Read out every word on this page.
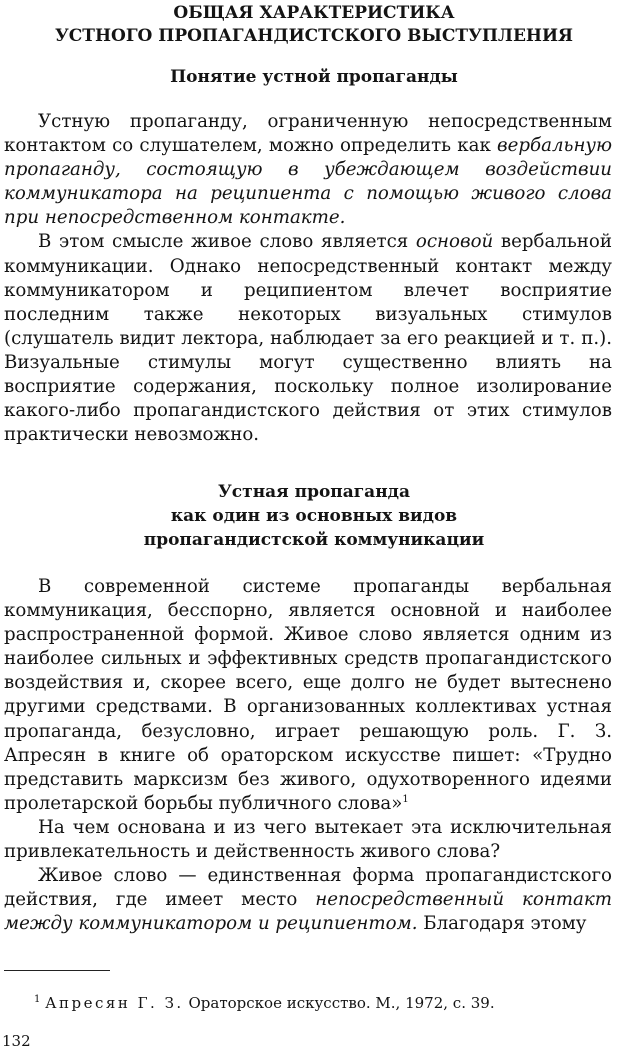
ОБЩАЯ ХАРАКТЕРИСТИКА
УСТНОГО ПРОПАГАНДИСТСКОГО ВЫСТУПЛЕНИЯ
Понятие устной пропаганды

Устную пропаганду, ограниченную непосредственным контактом со слушателем, можно определить как вербальную пропаганду, состоящую в убеждающем воздействии коммуникатора на реципиента с помощью живого слова при непосредственном контакте.

В этом смысле живое слово является основой вербальной коммуникации. Однако непосредственный контакт между коммуникатором и реципиентом влечет восприятие последним также некоторых визуальных стимулов (слушатель видит лектора, наблюдает за его реакцией и т. п.). Визуальные стимулы могут существенно влиять на восприятие содержания, поскольку полное изолирование какого-либо пропагандистского действия от этих стимулов практически невозможно.

Устная пропаганда
как один из основных видов
пропагандистской коммуникации

В современной системе пропаганды вербальная коммуникация, бесспорно, является основной и наиболее распространенной формой. Живое слово является одним из наиболее сильных и эффективных средств пропагандистского воздействия и, скорее всего, еще долго не будет вытеснено другими средствами. В организованных коллективах устная пропаганда, безусловно, играет решающую роль. Г. З. Апресян в книге об ораторском искусстве пишет: «Трудно представить марксизм без живого, одухотворенного идеями пролетарской борьбы публичного слова»$^1$

На чем основана и из чего вытекает эта исключительная привлекательность и действенность живого слова?

Живое слово — единственная форма пропагандистского действия, где имеет место непосредственный контакт между коммуникатором и реципиентом. Благодаря этому

$^1$ Апресян Г. З. Ораторское искусство. М., 1972, с. 39.
132
